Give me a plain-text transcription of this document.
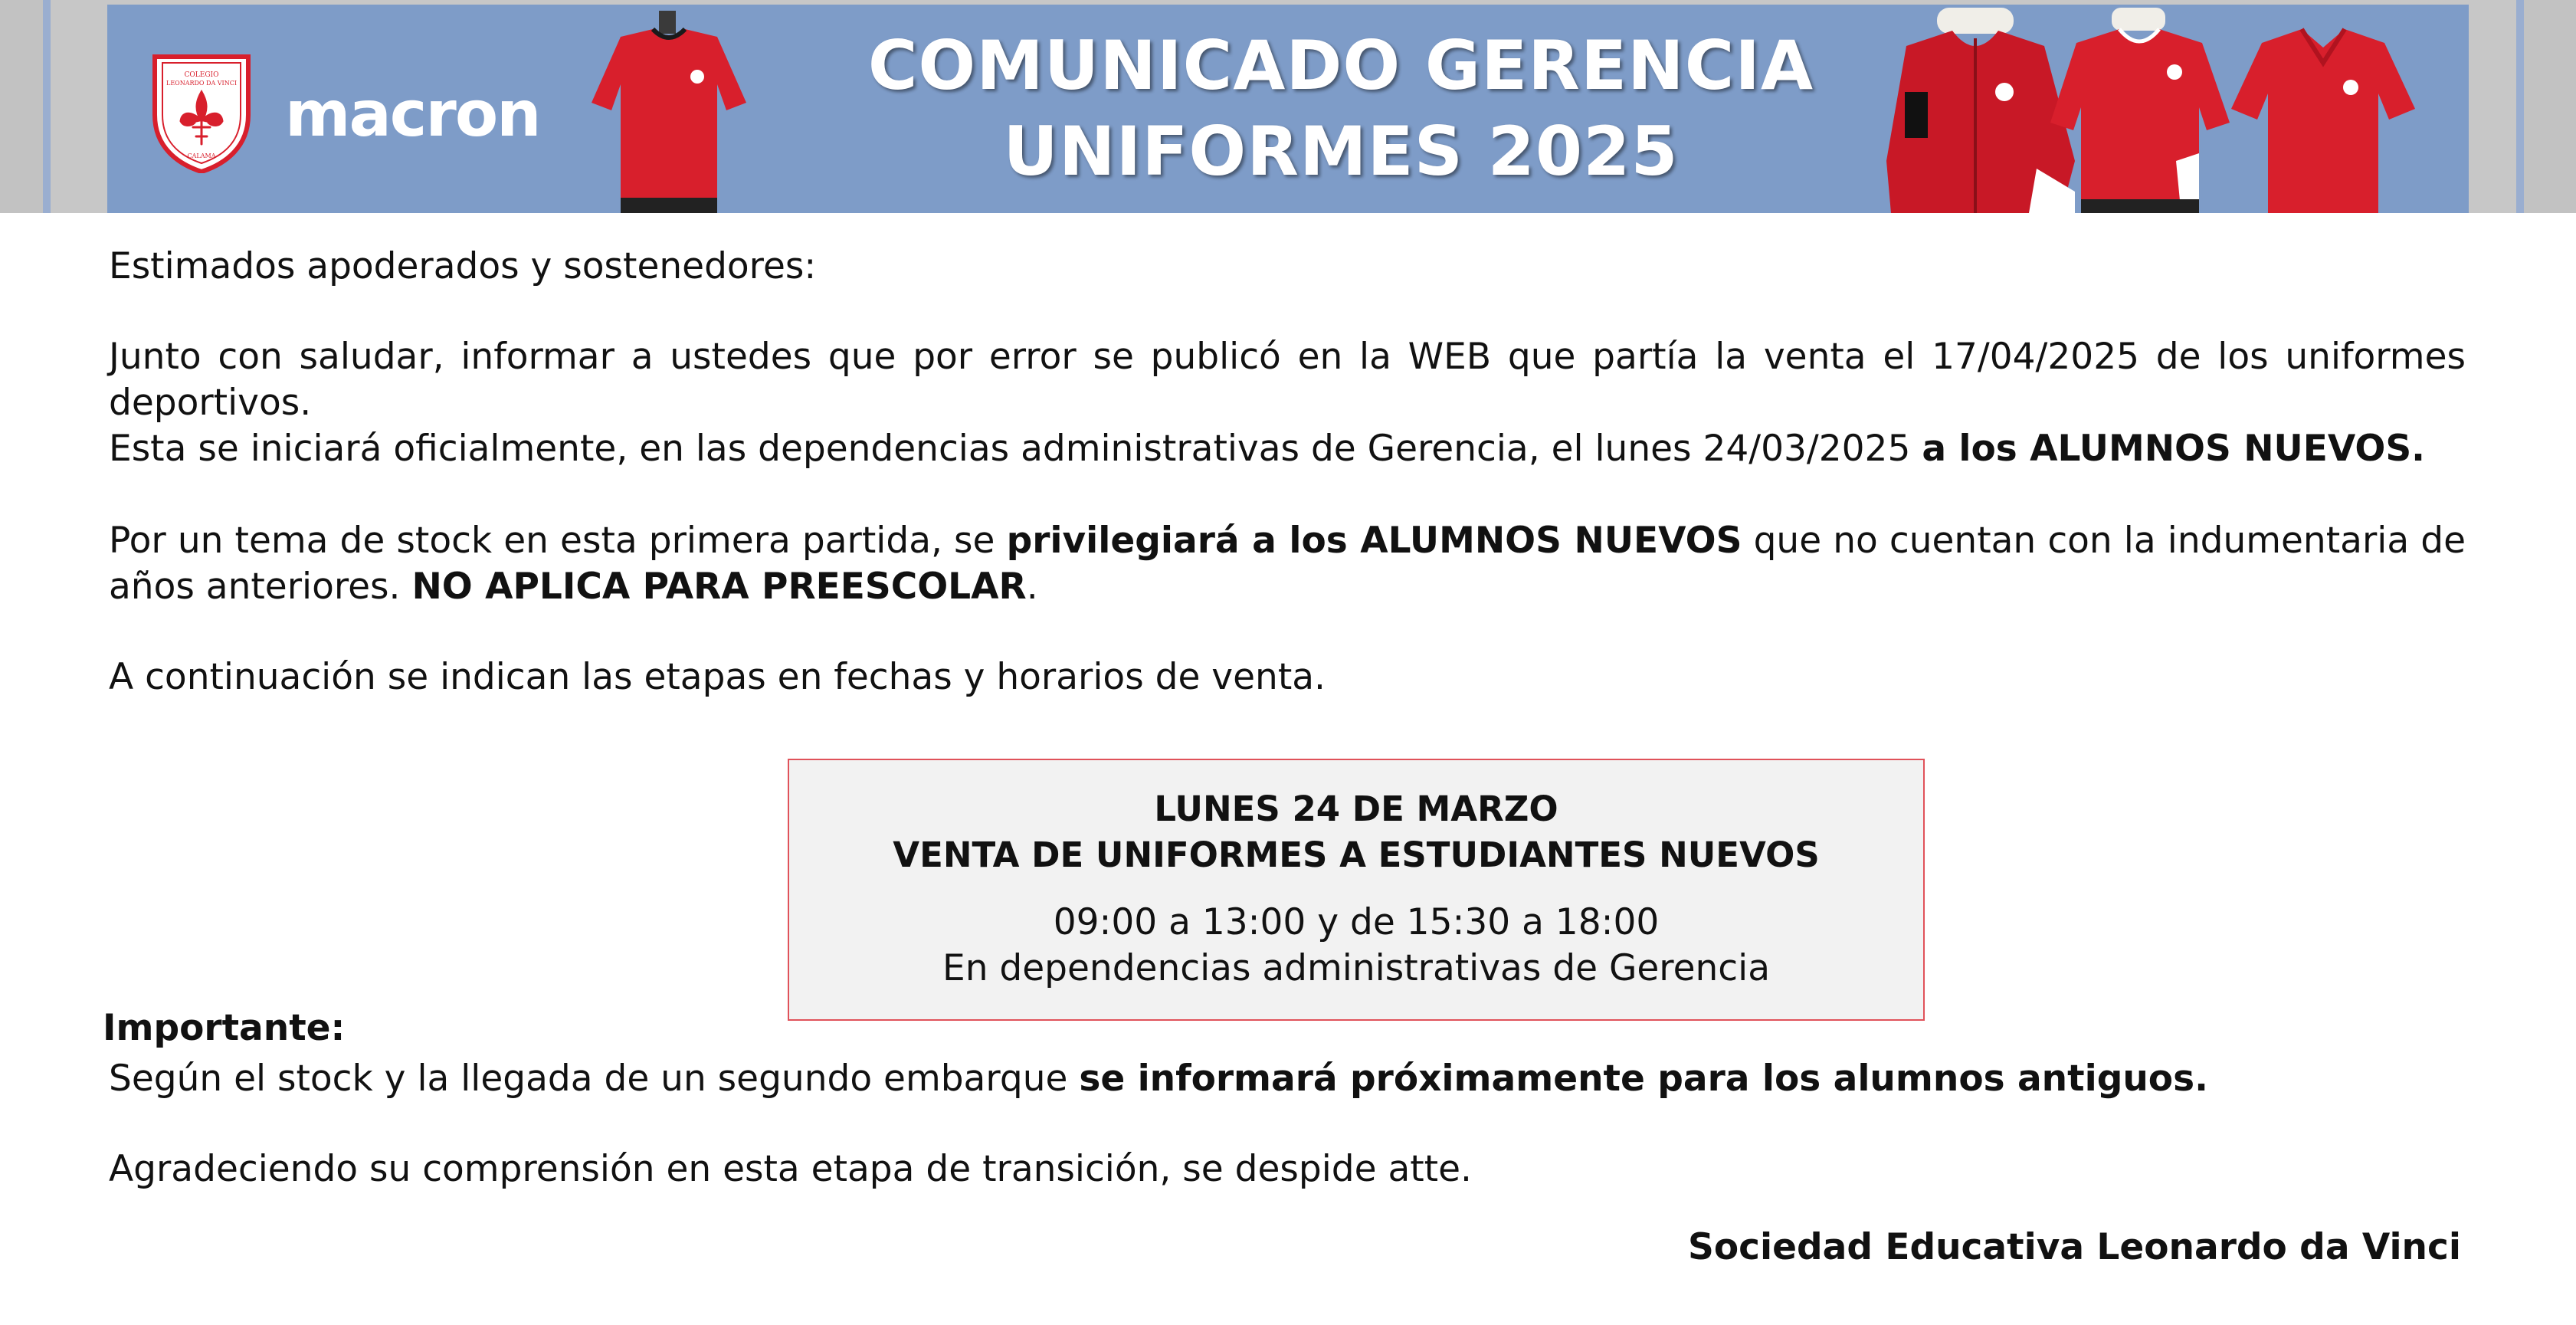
COLEGIO
LEONARDO DA VINCI
CALAMA
macron
COMUNICADO GERENCIA
UNIFORMES 2025
Estimados apoderados y sostenedores:
Junto con saludar, informar a ustedes que por error se publicó en la WEB que partía la venta el 17/04/2025 de los uniformes deportivos.
Esta se iniciará oficialmente, en las dependencias administrativas de Gerencia, el lunes 24/03/2025 a los ALUMNOS NUEVOS.
Por un tema de stock en esta primera partida, se privilegiará a los ALUMNOS NUEVOS que no cuentan con la indumentaria de años anteriores. NO APLICA PARA PREESCOLAR.
A continuación se indican las etapas en fechas y horarios de venta.
LUNES 24 DE MARZO
VENTA DE UNIFORMES A ESTUDIANTES NUEVOS
09:00 a 13:00 y de 15:30 a 18:00
En dependencias administrativas de Gerencia
Importante:
Según el stock y la llegada de un segundo embarque se informará próximamente para los alumnos antiguos.
Agradeciendo su comprensión en esta etapa de transición, se despide atte.
Sociedad Educativa Leonardo da Vinci
